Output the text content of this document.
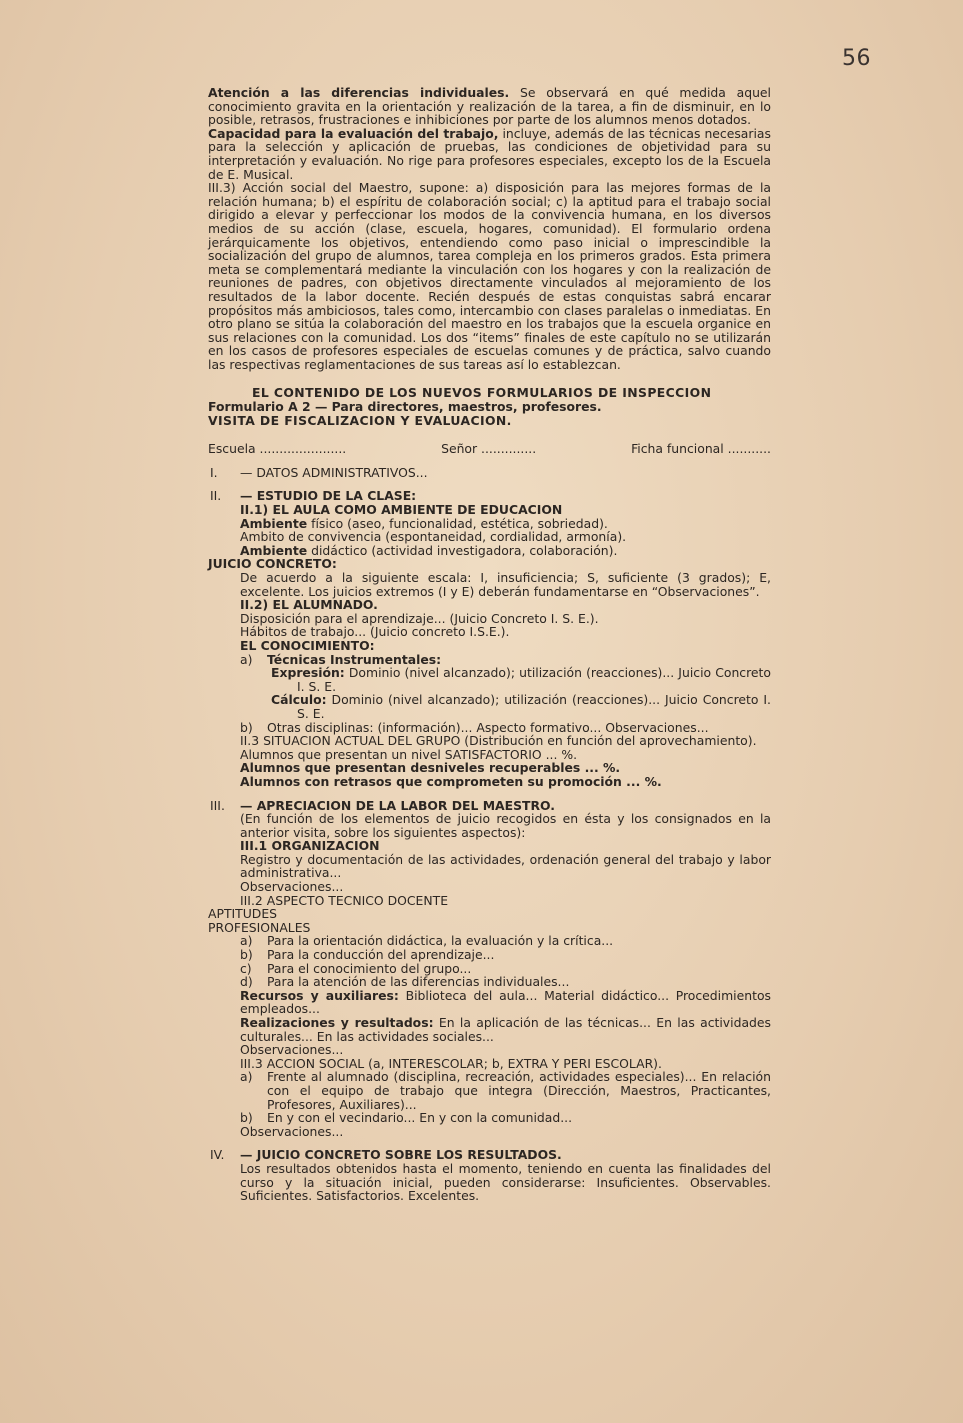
56

Atención a las diferencias individuales. Se observará en qué medida aquel conocimiento gravita en la orientación y realización de la tarea, a fin de disminuir, en lo posible, retrasos, frustraciones e inhibiciones por parte de los alumnos menos dotados.

Capacidad para la evaluación del trabajo, incluye, además de las técnicas necesarias para la selección y aplicación de pruebas, las condiciones de objetividad para su interpretación y evaluación. No rige para profesores especiales, excepto los de la Escuela de E. Musical.

III.3) Acción social del Maestro, supone: a) disposición para las mejores formas de la relación humana; b) el espíritu de colaboración social; c) la aptitud para el trabajo social dirigido a elevar y perfeccionar los modos de la convivencia humana, en los diversos medios de su acción (clase, escuela, hogares, comunidad). El formulario ordena jerárquicamente los objetivos, entendiendo como paso inicial o imprescindible la socialización del grupo de alumnos, tarea compleja en los primeros grados. Esta primera meta se complementará mediante la vinculación con los hogares y con la realización de reuniones de padres, con objetivos directamente vinculados al mejoramiento de los resultados de la labor docente. Recién después de estas conquistas sabrá encarar propósitos más ambiciosos, tales como, intercambio con clases paralelas o inmediatas. En otro plano se sitúa la colaboración del maestro en los trabajos que la escuela organice en sus relaciones con la comunidad. Los dos “items” finales de este capítulo no se utilizarán en los casos de profesores especiales de escuelas comunes y de práctica, salvo cuando las respectivas reglamentaciones de sus tareas así lo establezcan.

EL CONTENIDO DE LOS NUEVOS FORMULARIOS DE INSPECCION
Formulario A 2 — Para directores, maestros, profesores.
VISITA DE FISCALIZACION Y EVALUACION.
Escuela ......................	Señor ..............	Ficha funcional ...........
I.	— DATOS ADMINISTRATIVOS...
II.	— ESTUDIO DE LA CLASE:
II.1) EL AULA COMO AMBIENTE DE EDUCACION
Ambiente físico (aseo, funcionalidad, estética, sobriedad).
Ambito de convivencia (espontaneidad, cordialidad, armonía).
Ambiente didáctico (actividad investigadora, colaboración).
JUICIO CONCRETO:

De acuerdo a la siguiente escala: I, insuficiencia; S, suficiente (3 grados); E, excelente. Los juicios extremos (I y E) deberán fundamentarse en “Observaciones”.

II.2) EL ALUMNADO.
Disposición para el aprendizaje... (Juicio Concreto I. S. E.).
Hábitos de trabajo... (Juicio concreto I.S.E.).
EL CONOCIMIENTO:
a)	Técnicas Instrumentales:

Expresión: Dominio (nivel alcanzado); utilización (reacciones)... Juicio Concreto I. S. E.

Cálculo: Dominio (nivel alcanzado); utilización (reacciones)... Juicio Concreto I. S. E.

b)	Otras disciplinas: (información)... Aspecto formativo... Observaciones...

II.3 SITUACION ACTUAL DEL GRUPO (Distribución en función del aprovechamiento).

Alumnos que presentan un nivel SATISFACTORIO ... %.
Alumnos que presentan desniveles recuperables ... %.
Alumnos con retrasos que comprometen su promoción ... %.
III.	— APRECIACION DE LA LABOR DEL MAESTRO.

(En función de los elementos de juicio recogidos en ésta y los consignados en la anterior visita, sobre los siguientes aspectos):

III.1 ORGANIZACION

Registro y documentación de las actividades, ordenación general del trabajo y labor administrativa...

Observaciones...
III.2 ASPECTO TECNICO DOCENTE
APTITUDES
PROFESIONALES
a)	Para la orientación didáctica, la evaluación y la crítica...
b)	Para la conducción del aprendizaje...
c)	Para el conocimiento del grupo...
d)	Para la atención de las diferencias individuales...

Recursos y auxiliares: Biblioteca del aula... Material didáctico... Procedimientos empleados...

Realizaciones y resultados: En la aplicación de las técnicas... En las actividades culturales... En las actividades sociales...

Observaciones...

III.3 ACCION SOCIAL (a, INTERESCOLAR; b, EXTRA Y PERI ESCOLAR).

a)	Frente al alumnado (disciplina, recreación, actividades especiales)... En relación con el equipo de trabajo que integra (Dirección, Maestros, Practicantes, Profesores, Auxiliares)...
b)	En y con el vecindario... En y con la comunidad...
Observaciones...
IV.	— JUICIO CONCRETO SOBRE LOS RESULTADOS.

Los resultados obtenidos hasta el momento, teniendo en cuenta las finalidades del curso y la situación inicial, pueden considerarse: Insuficientes. Observables. Suficientes. Satisfactorios. Excelentes.
